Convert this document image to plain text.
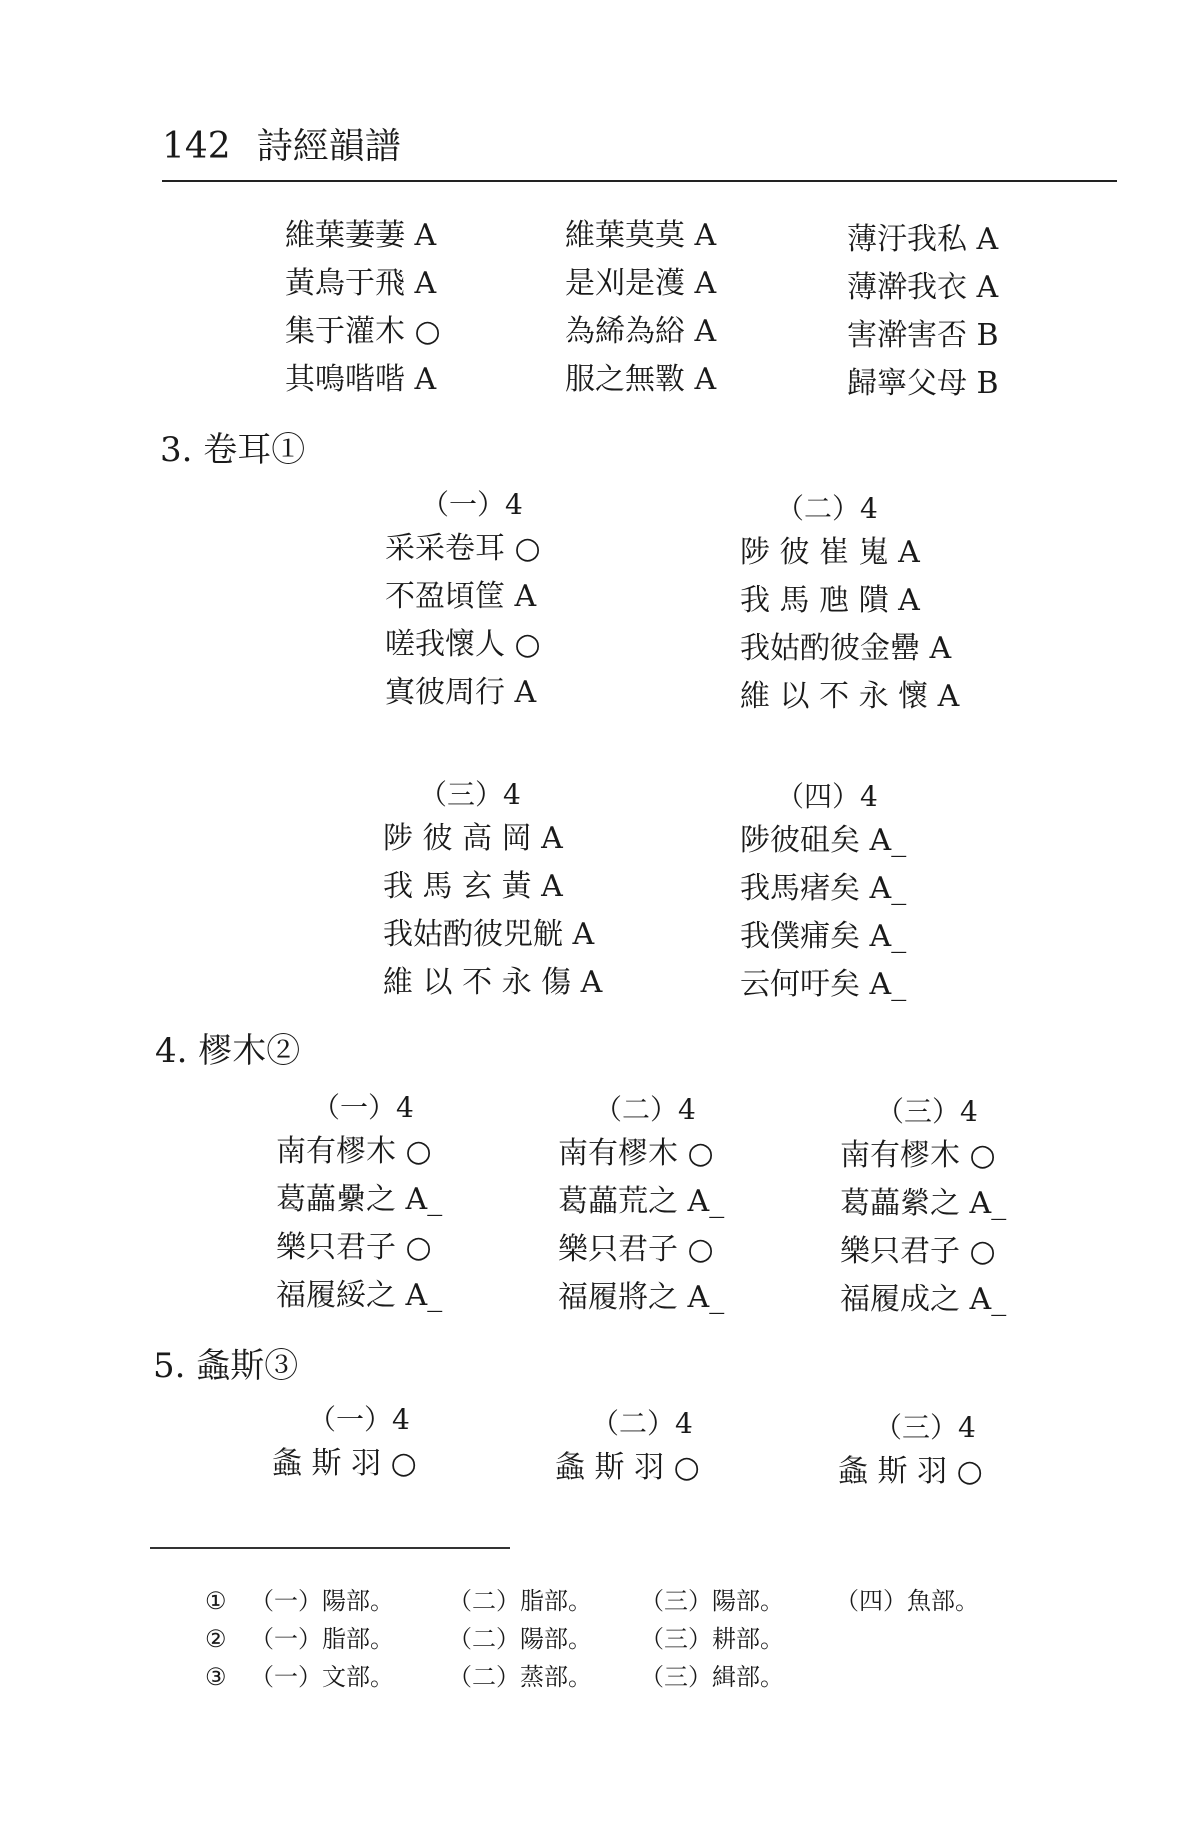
142 詩經韻譜
維葉萋萋 A
黃鳥于飛 A
集于灌木 ○
其鳴喈喈 A
維葉莫莫 A
是刈是濩 A
為絺為綌 A
服之無斁 A
薄汙我私 A
薄澣我衣 A
害澣害否 B
歸寧父母 B
3. 卷耳①
（一）4
采采卷耳 ○
不盈頃筐 A
嗟我懷人 ○
寘彼周行 A
（二）4
陟 彼 崔 嵬 A
我 馬 虺 隤 A
我姑酌彼金罍 A
維 以 不 永 懷 A
（三）4
陟 彼 高 岡 A
我 馬 玄 黃 A
我姑酌彼兕觥 A
維 以 不 永 傷 A
（四）4
陟彼砠矣 A_
我馬瘏矣 A_
我僕痡矣 A_
云何吁矣 A_
4. 樛木②
（一）4
南有樛木 ○
葛藟纍之 A_
樂只君子 ○
福履綏之 A_
（二）4
南有樛木 ○
葛藟荒之 A_
樂只君子 ○
福履將之 A_
（三）4
南有樛木 ○
葛藟縈之 A_
樂只君子 ○
福履成之 A_
5. 螽斯③
（一）4
螽 斯 羽 ○
（二）4
螽 斯 羽 ○
（三）4
螽 斯 羽 ○
① （一）陽部。 （二）脂部。 （三）陽部。 （四）魚部。
② （一）脂部。 （二）陽部。 （三）耕部。
③ （一）文部。 （二）蒸部。 （三）緝部。
